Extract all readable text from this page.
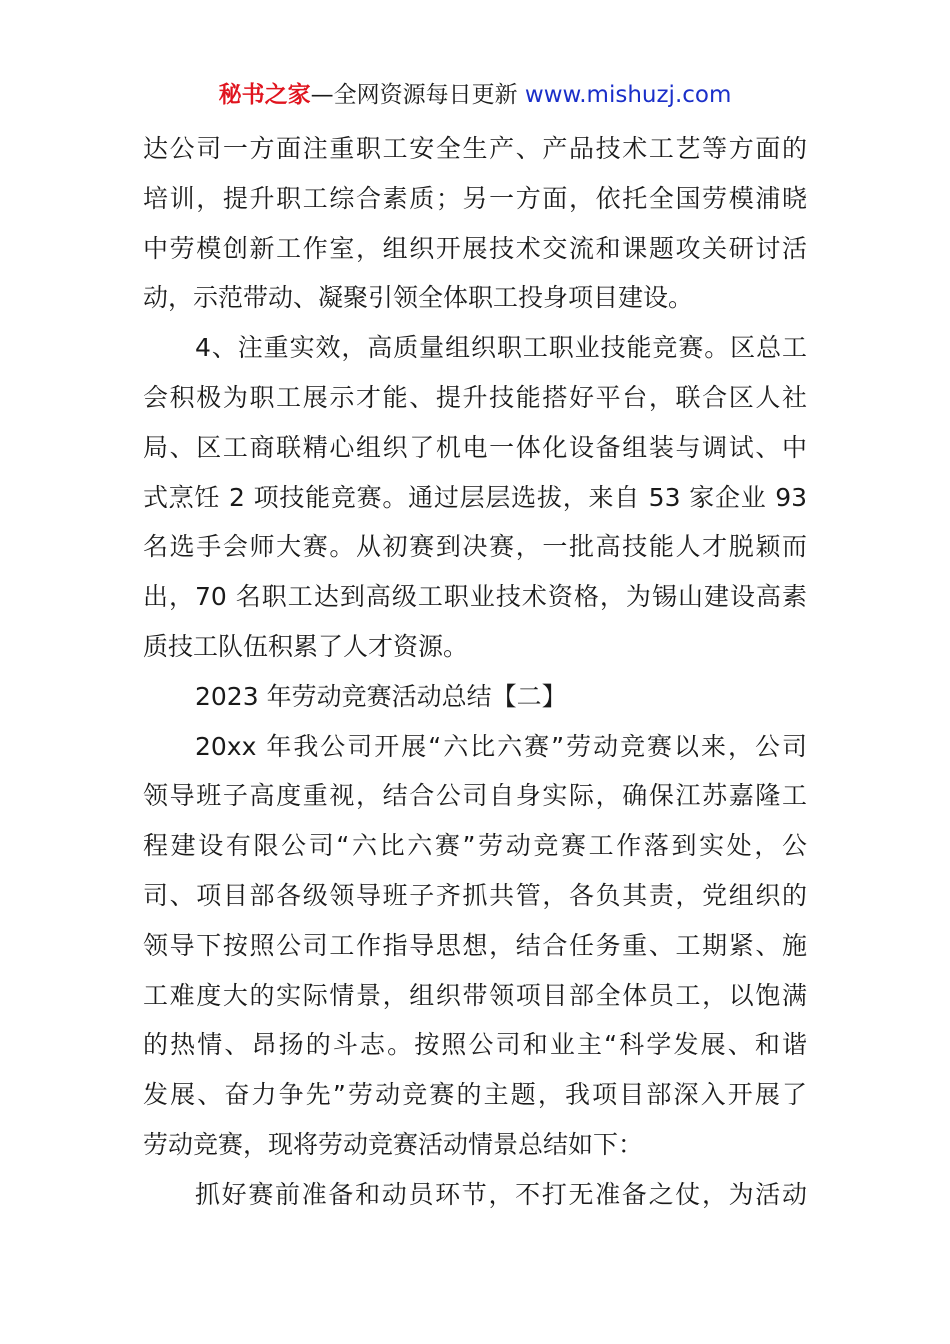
秘书之家—全网资源每日更新 www.mishuzj.com
达公司一方面注重职工安全生产、产品技术工艺等方面的
培训，提升职工综合素质；另一方面，依托全国劳模浦晓
中劳模创新工作室，组织开展技术交流和课题攻关研讨活
动，示范带动、凝聚引领全体职工投身项目建设。
4、注重实效，高质量组织职工职业技能竞赛。区总工
会积极为职工展示才能、提升技能搭好平台，联合区人社
局、区工商联精心组织了机电一体化设备组装与调试、中
式烹饪 2 项技能竞赛。通过层层选拔，来自 53 家企业 93
名选手会师大赛。从初赛到决赛，一批高技能人才脱颖而
出，70 名职工达到高级工职业技术资格，为锡山建设高素
质技工队伍积累了人才资源。
2023 年劳动竞赛活动总结【二】
20xx 年我公司开展“六比六赛”劳动竞赛以来，公司
领导班子高度重视，结合公司自身实际，确保江苏嘉隆工
程建设有限公司“六比六赛”劳动竞赛工作落到实处，公
司、项目部各级领导班子齐抓共管，各负其责，党组织的
领导下按照公司工作指导思想，结合任务重、工期紧、施
工难度大的实际情景，组织带领项目部全体员工，以饱满
的热情、昂扬的斗志。按照公司和业主“科学发展、和谐
发展、奋力争先”劳动竞赛的主题，我项目部深入开展了
劳动竞赛，现将劳动竞赛活动情景总结如下：
抓好赛前准备和动员环节，不打无准备之仗，为活动
